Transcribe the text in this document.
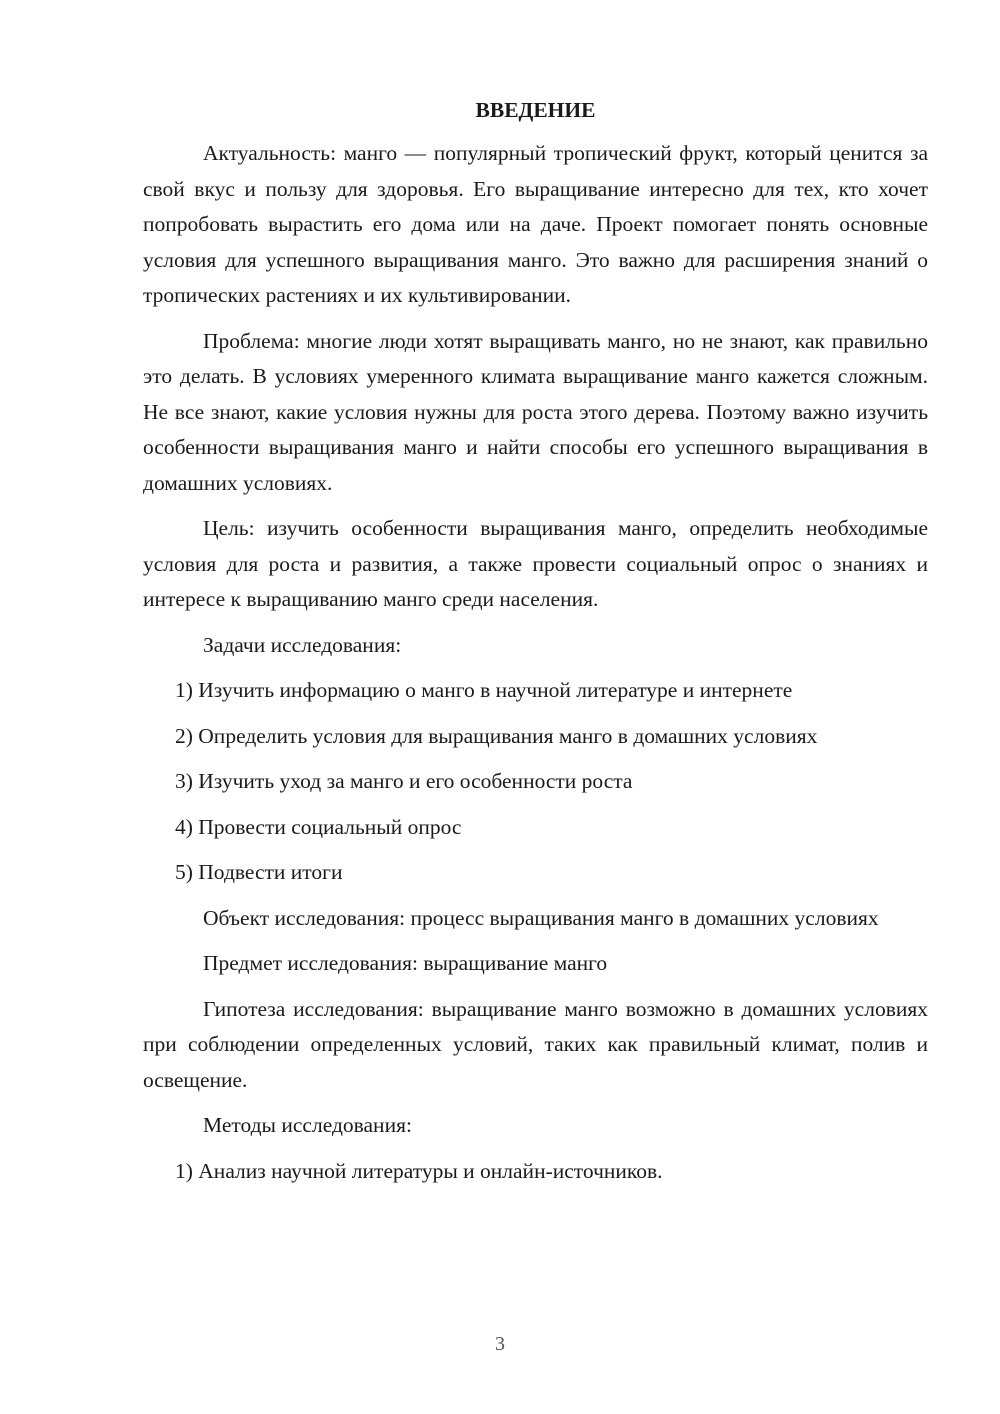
ВВЕДЕНИЕ

Актуальность: манго — популярный тропический фрукт, который ценится за свой вкус и пользу для здоровья. Его выращивание интересно для тех, кто хочет попробовать вырастить его дома или на даче. Проект помогает понять основные условия для успешного выращивания манго. Это важно для расширения знаний о тропических растениях и их культивировании.

Проблема: многие люди хотят выращивать манго, но не знают, как правильно это делать. В условиях умеренного климата выращивание манго кажется сложным. Не все знают, какие условия нужны для роста этого дерева. Поэтому важно изучить особенности выращивания манго и найти способы его успешного выращивания в домашних условиях.

Цель: изучить особенности выращивания манго, определить необходимые условия для роста и развития, а также провести социальный опрос о знаниях и интересе к выращиванию манго среди населения.

Задачи исследования:

1) Изучить информацию о манго в научной литературе и интернете

2) Определить условия для выращивания манго в домашних условиях

3) Изучить уход за манго и его особенности роста

4) Провести социальный опрос

5) Подвести итоги

Объект исследования: процесс выращивания манго в домашних условиях

Предмет исследования: выращивание манго

Гипотеза исследования: выращивание манго возможно в домашних условиях при соблюдении определенных условий, таких как правильный климат, полив и освещение.

Методы исследования:

1) Анализ научной литературы и онлайн-источников.

3
